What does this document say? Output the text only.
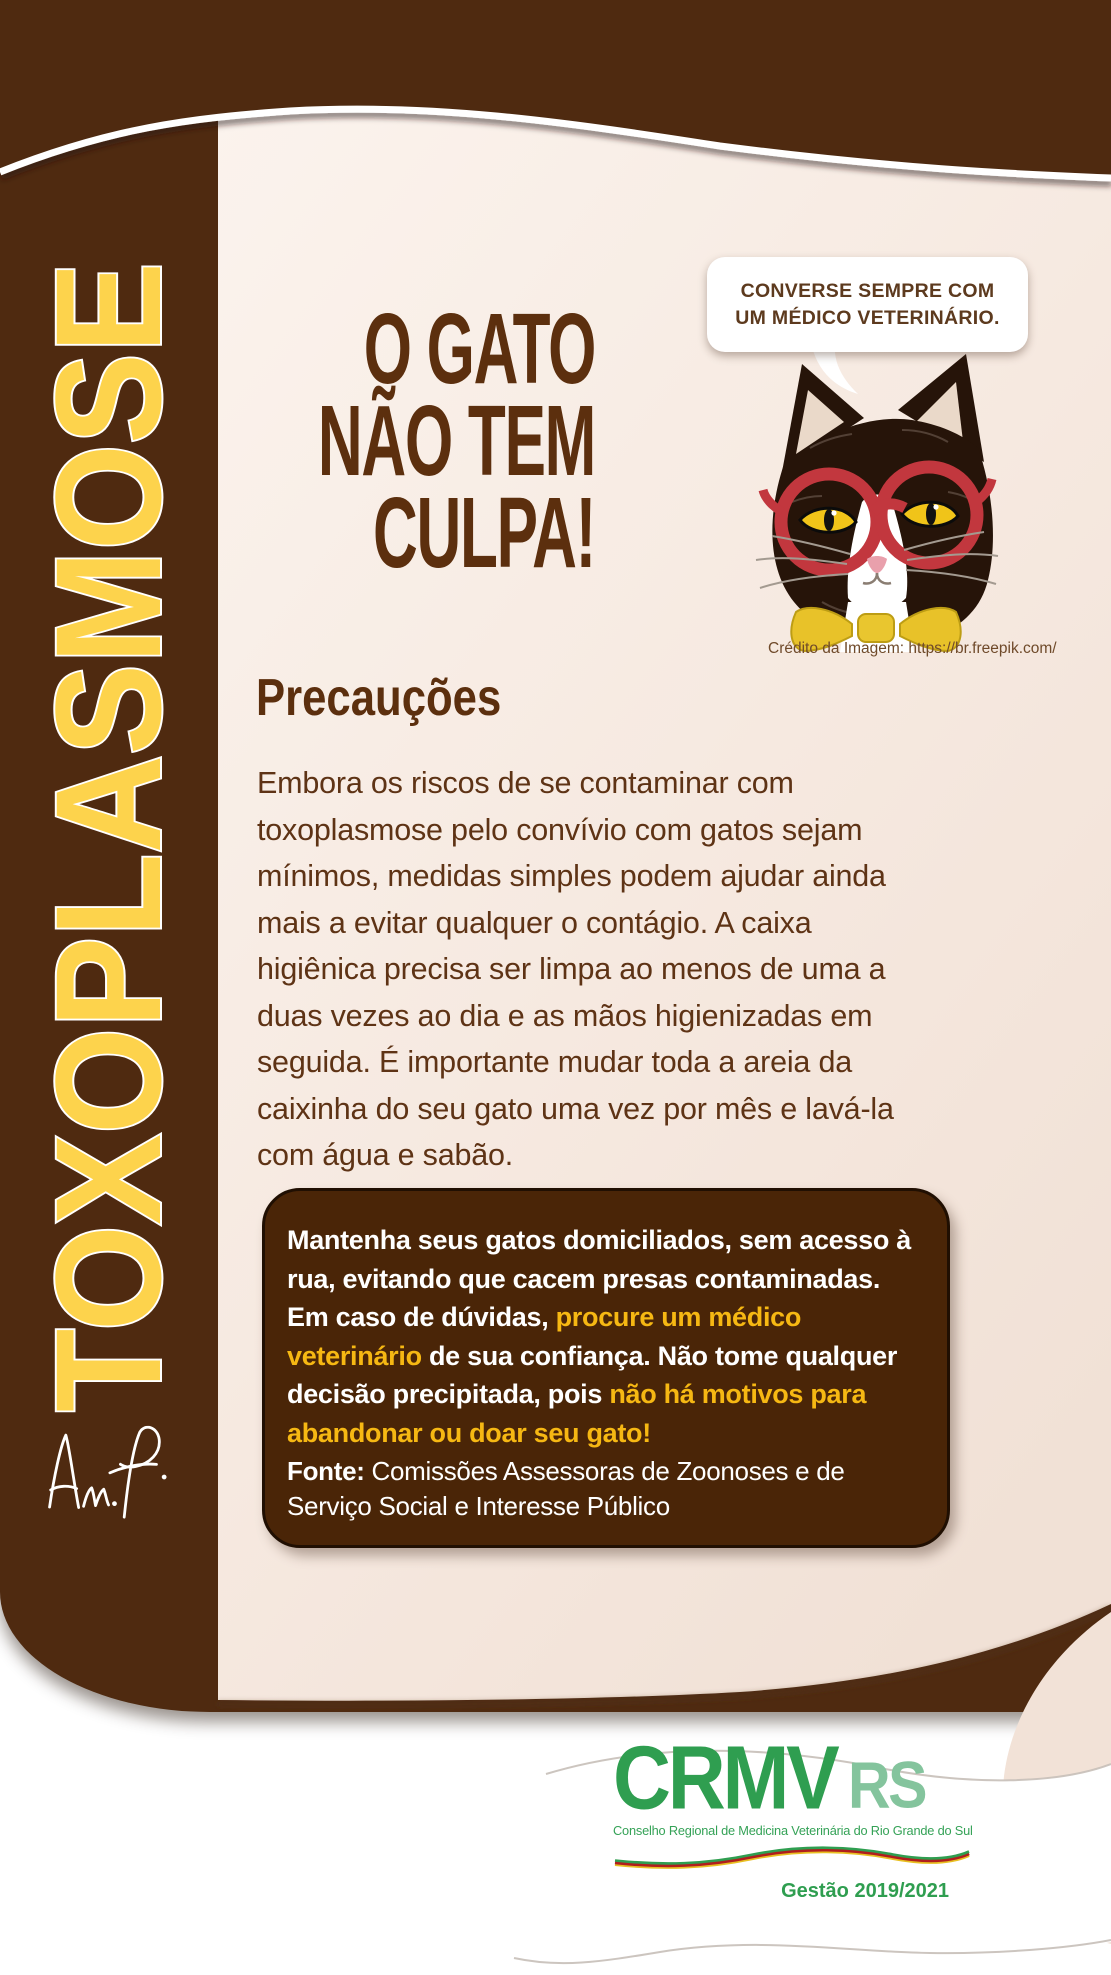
TOXOPLASMOSE	O GATO
NÃO TEM
CULPA!
CONVERSE SEMPRE COM
UM MÉDICO VETERINÁRIO.
Crédito da Imagem: https://br.freepik.com/
Precauções
Embora os riscos de se contaminar com toxoplasmose pelo convívio com gatos sejam mínimos, medidas simples podem ajudar ainda mais a evitar qualquer o contágio. A caixa higiênica precisa ser limpa ao menos de uma a duas vezes ao dia e as mãos higienizadas em seguida. É importante mudar toda a areia da caixinha do seu gato uma vez por mês e lavá-la com água e sabão.
Mantenha seus gatos domiciliados, sem acesso à rua, evitando que cacem presas contaminadas. Em caso de dúvidas, procure um médico veterinário de sua confiança. Não tome qualquer decisão precipitada, pois não há motivos para abandonar ou doar seu gato!
Fonte: Comissões Assessoras de Zoonoses e de Serviço Social e Interesse Público
CRMV RS
Conselho Regional de Medicina Veterinária do Rio Grande do Sul
Gestão 2019/2021
